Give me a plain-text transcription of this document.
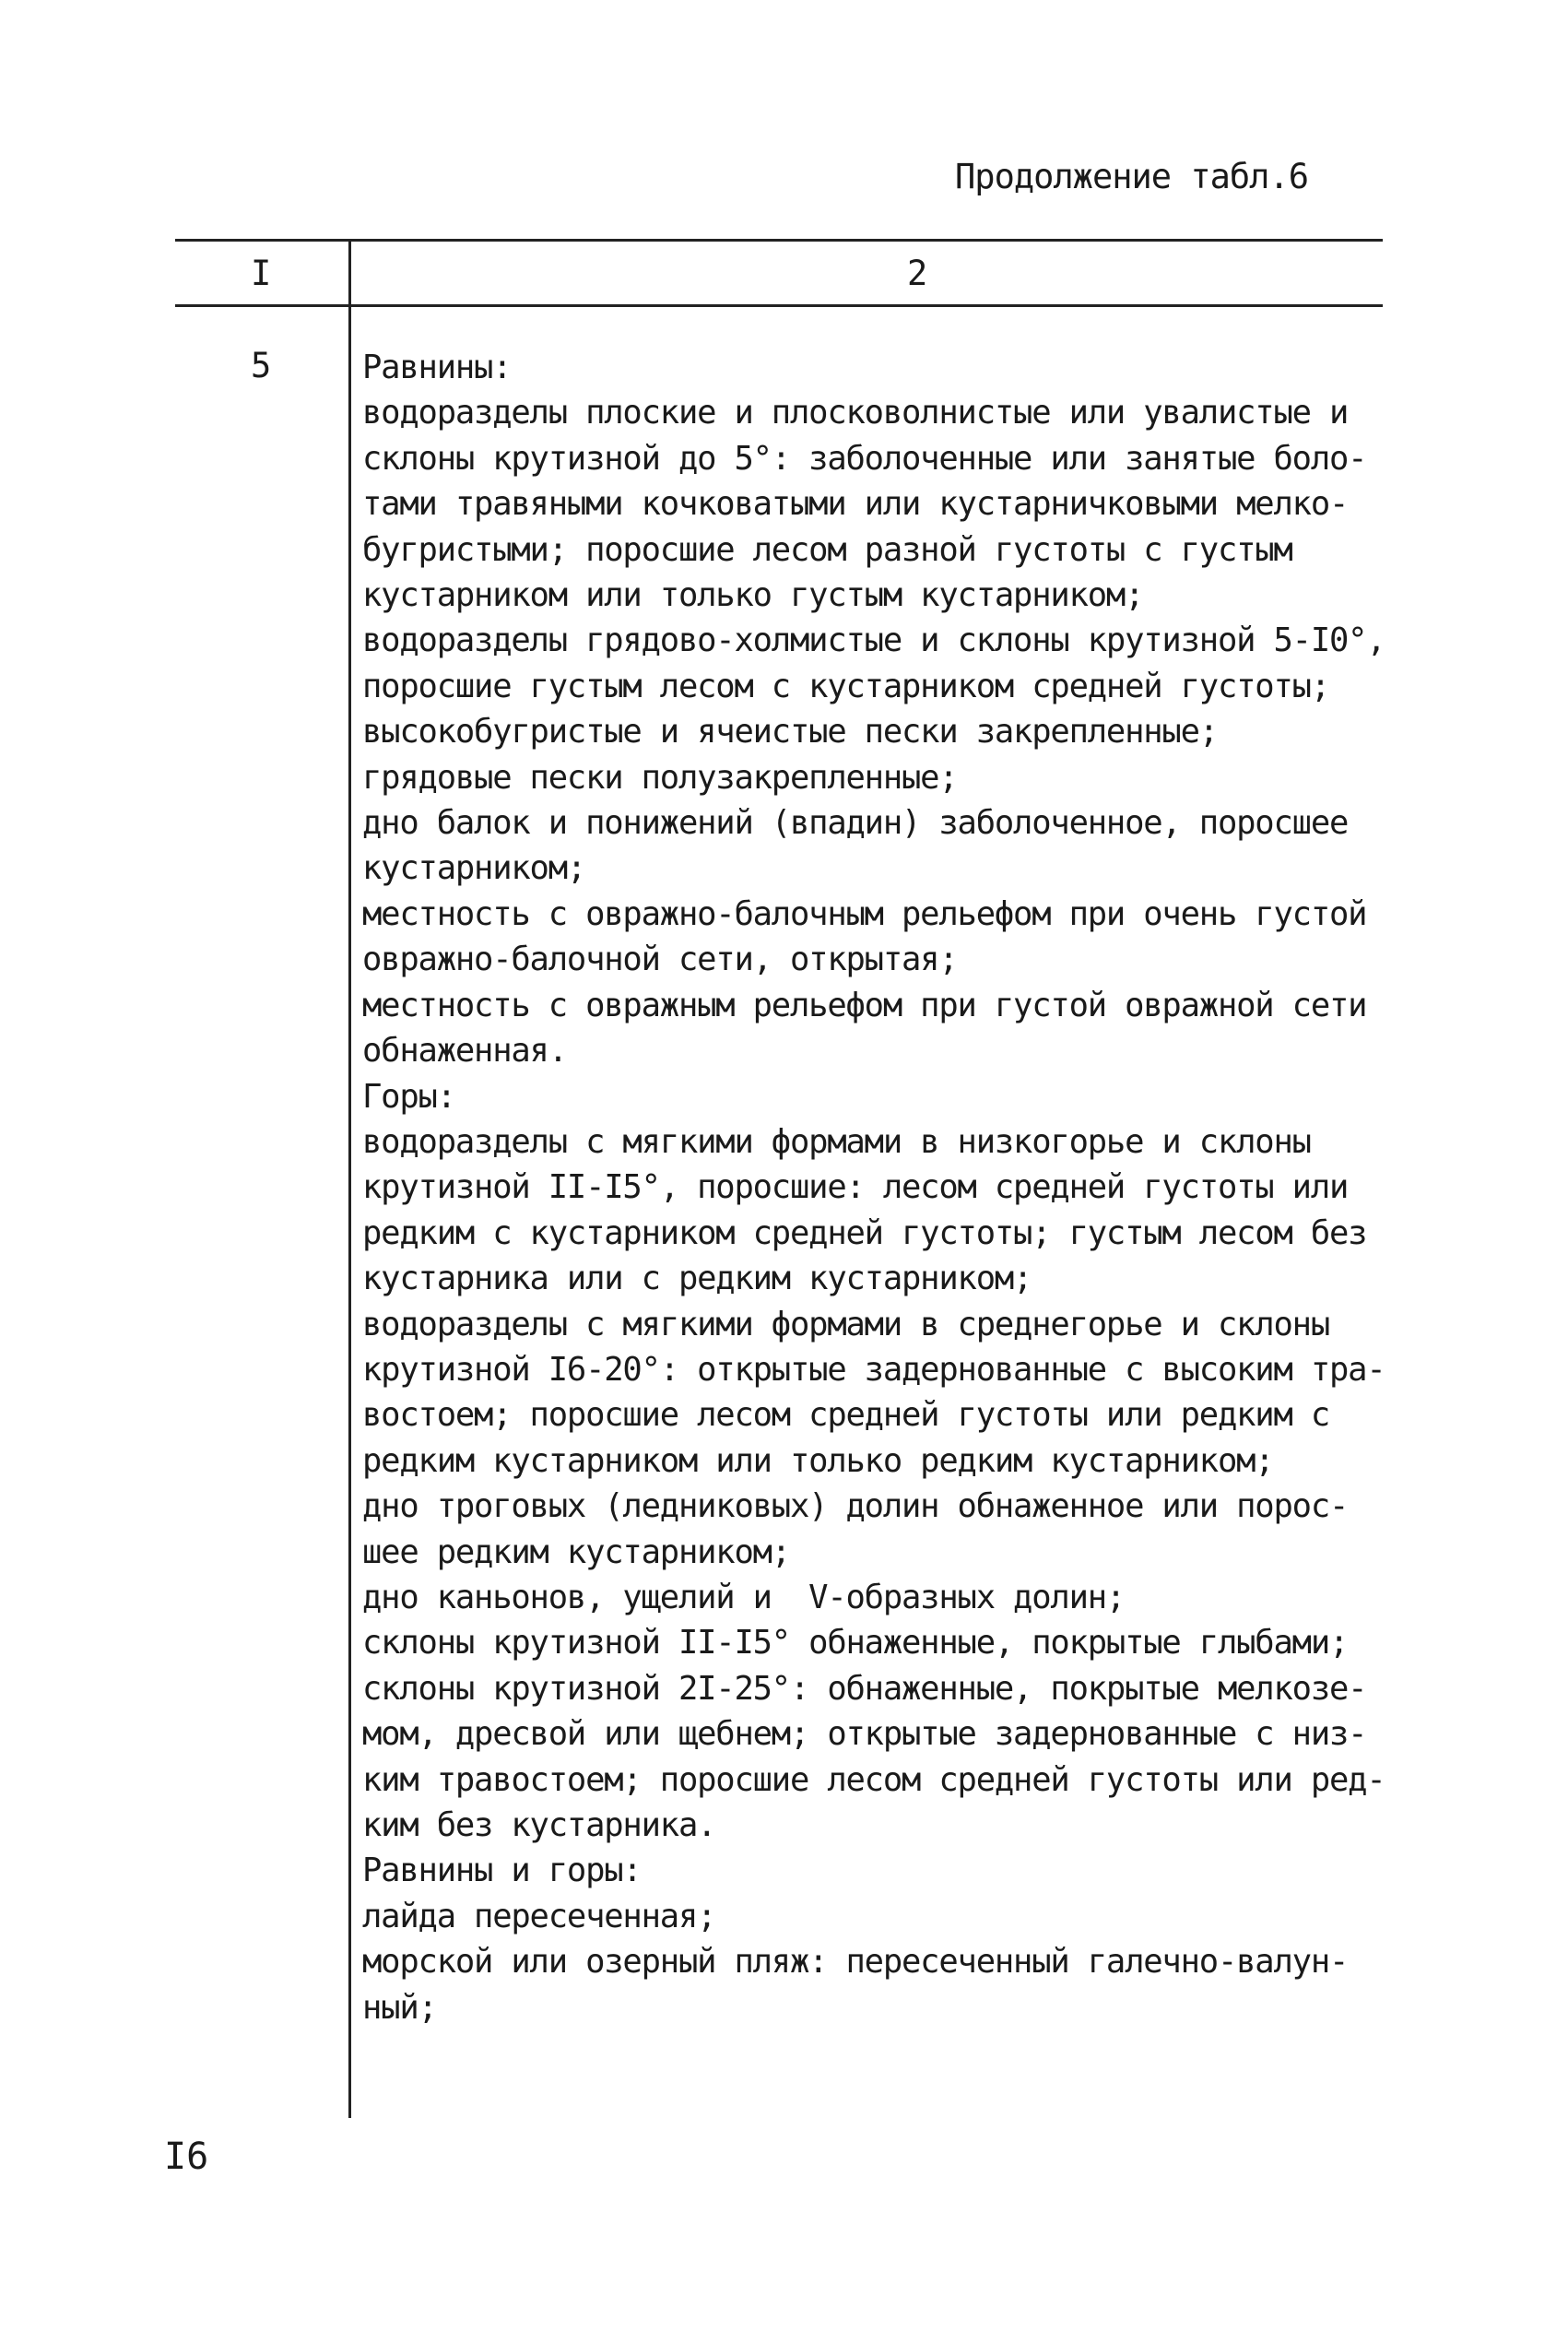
Продолжение табл.6
I	2
5	Равнины:
водоразделы плоские и плосковолнистые или увалистые и
склоны крутизной до 5°: заболоченные или занятые боло-
тами травяными кочковатыми или кустарничковыми мелко-
бугристыми; поросшие лесом разной густоты с густым
кустарником или только густым кустарником;
водоразделы грядово-холмистые и склоны крутизной 5-I0°,
поросшие густым лесом с кустарником средней густоты;
высокобугристые и ячеистые пески закрепленные;
грядовые пески полузакрепленные;
дно балок и понижений (впадин) заболоченное, поросшее
кустарником;
местность с овражно-балочным рельефом при очень густой
овражно-балочной сети, открытая;
местность с овражным рельефом при густой овражной сети
обнаженная.
Горы:
водоразделы с мягкими формами в низкогорье и склоны
крутизной II-I5°, поросшие: лесом средней густоты или
редким с кустарником средней густоты; густым лесом без
кустарника или с редким кустарником;
водоразделы с мягкими формами в среднегорье и склоны
крутизной I6-20°: открытые задернованные с высоким тра-
востоем; поросшие лесом средней густоты или редким с
редким кустарником или только редким кустарником;
дно троговых (ледниковых) долин обнаженное или порос-
шее редким кустарником;
дно каньонов, ущелий и  V-образных долин;
склоны крутизной II-I5° обнаженные, покрытые глыбами;
склоны крутизной 2I-25°: обнаженные, покрытые мелкозе-
мом, дресвой или щебнем; открытые задернованные с низ-
ким травостоем; поросшие лесом средней густоты или ред-
ким без кустарника.
Равнины и горы:
лайда пересеченная;
морской или озерный пляж: пересеченный галечно-валун-
ный;
I6
